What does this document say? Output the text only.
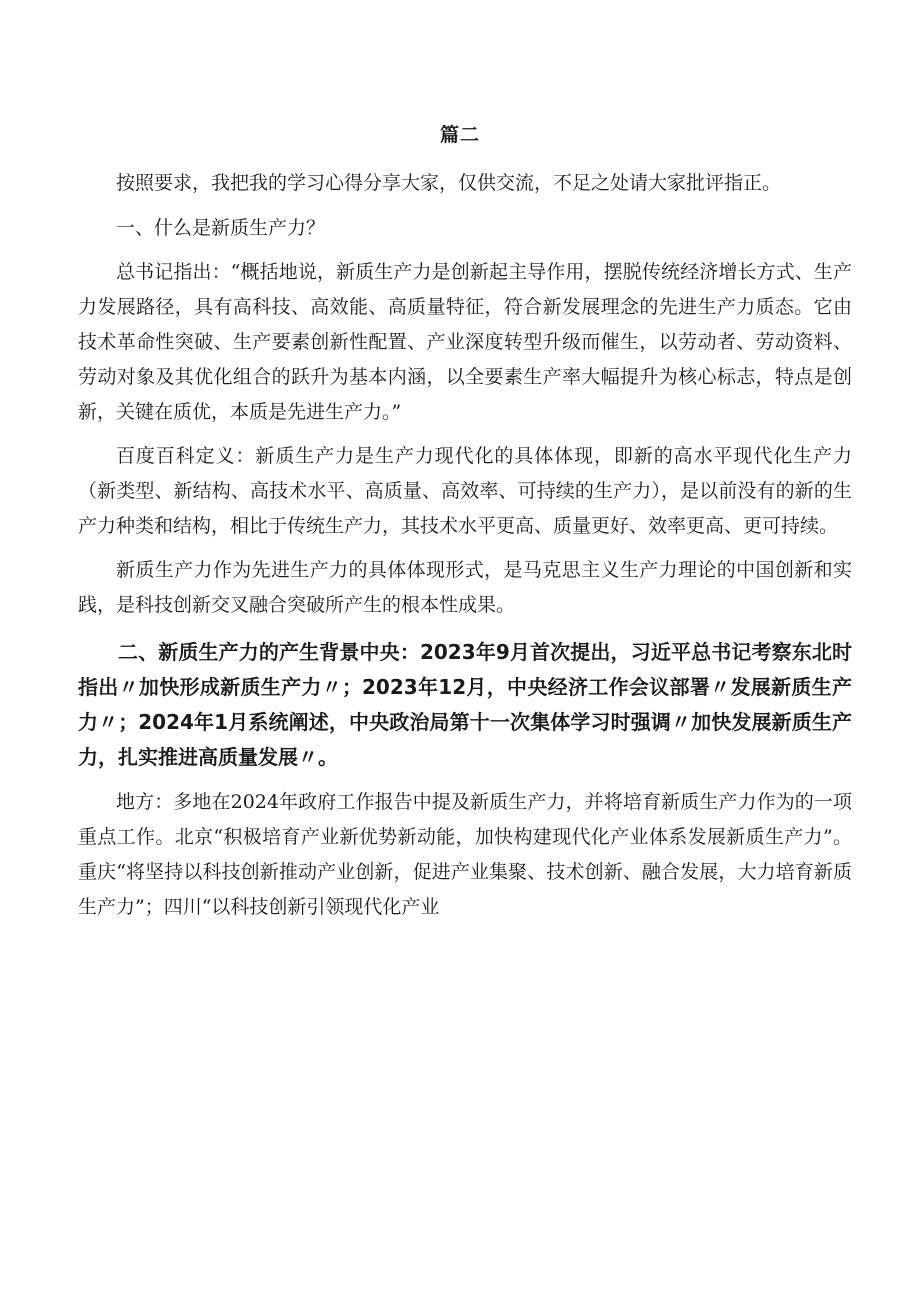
篇二

按照要求，我把我的学习心得分享大家，仅供交流，不足之处请大家批评指正。

一、什么是新质生产力？

总书记指出：“概括地说，新质生产力是创新起主导作用，摆脱传统经济增长方式、生产力发展路径，具有高科技、高效能、高质量特征，符合新发展理念的先进生产力质态。它由技术革命性突破、生产要素创新性配置、产业深度转型升级而催生，以劳动者、劳动资料、劳动对象及其优化组合的跃升为基本内涵，以全要素生产率大幅提升为核心标志，特点是创新，关键在质优，本质是先进生产力。”

百度百科定义：新质生产力是生产力现代化的具体体现，即新的高水平现代化生产力（新类型、新结构、高技术水平、高质量、高效率、可持续的生产力），是以前没有的新的生产力种类和结构，相比于传统生产力，其技术水平更高、质量更好、效率更高、更可持续。

新质生产力作为先进生产力的具体体现形式，是马克思主义生产力理论的中国创新和实践，是科技创新交叉融合突破所产生的根本性成果。

二、新质生产力的产生背景中央：2023年9月首次提出，习近平总书记考察东北时指出〃加快形成新质生产力〃；2023年12月，中央经济工作会议部署〃发展新质生产力〃；2024年1月系统阐述，中央政治局第十一次集体学习时强调〃加快发展新质生产力，扎实推进高质量发展〃。

地方：多地在2024年政府工作报告中提及新质生产力，并将培育新质生产力作为的一项重点工作。北京“积极培育产业新优势新动能，加快构建现代化产业体系发展新质生产力”。重庆“将坚持以科技创新推动产业创新，促进产业集聚、技术创新、融合发展，大力培育新质生产力”；四川“以科技创新引领现代化产业
